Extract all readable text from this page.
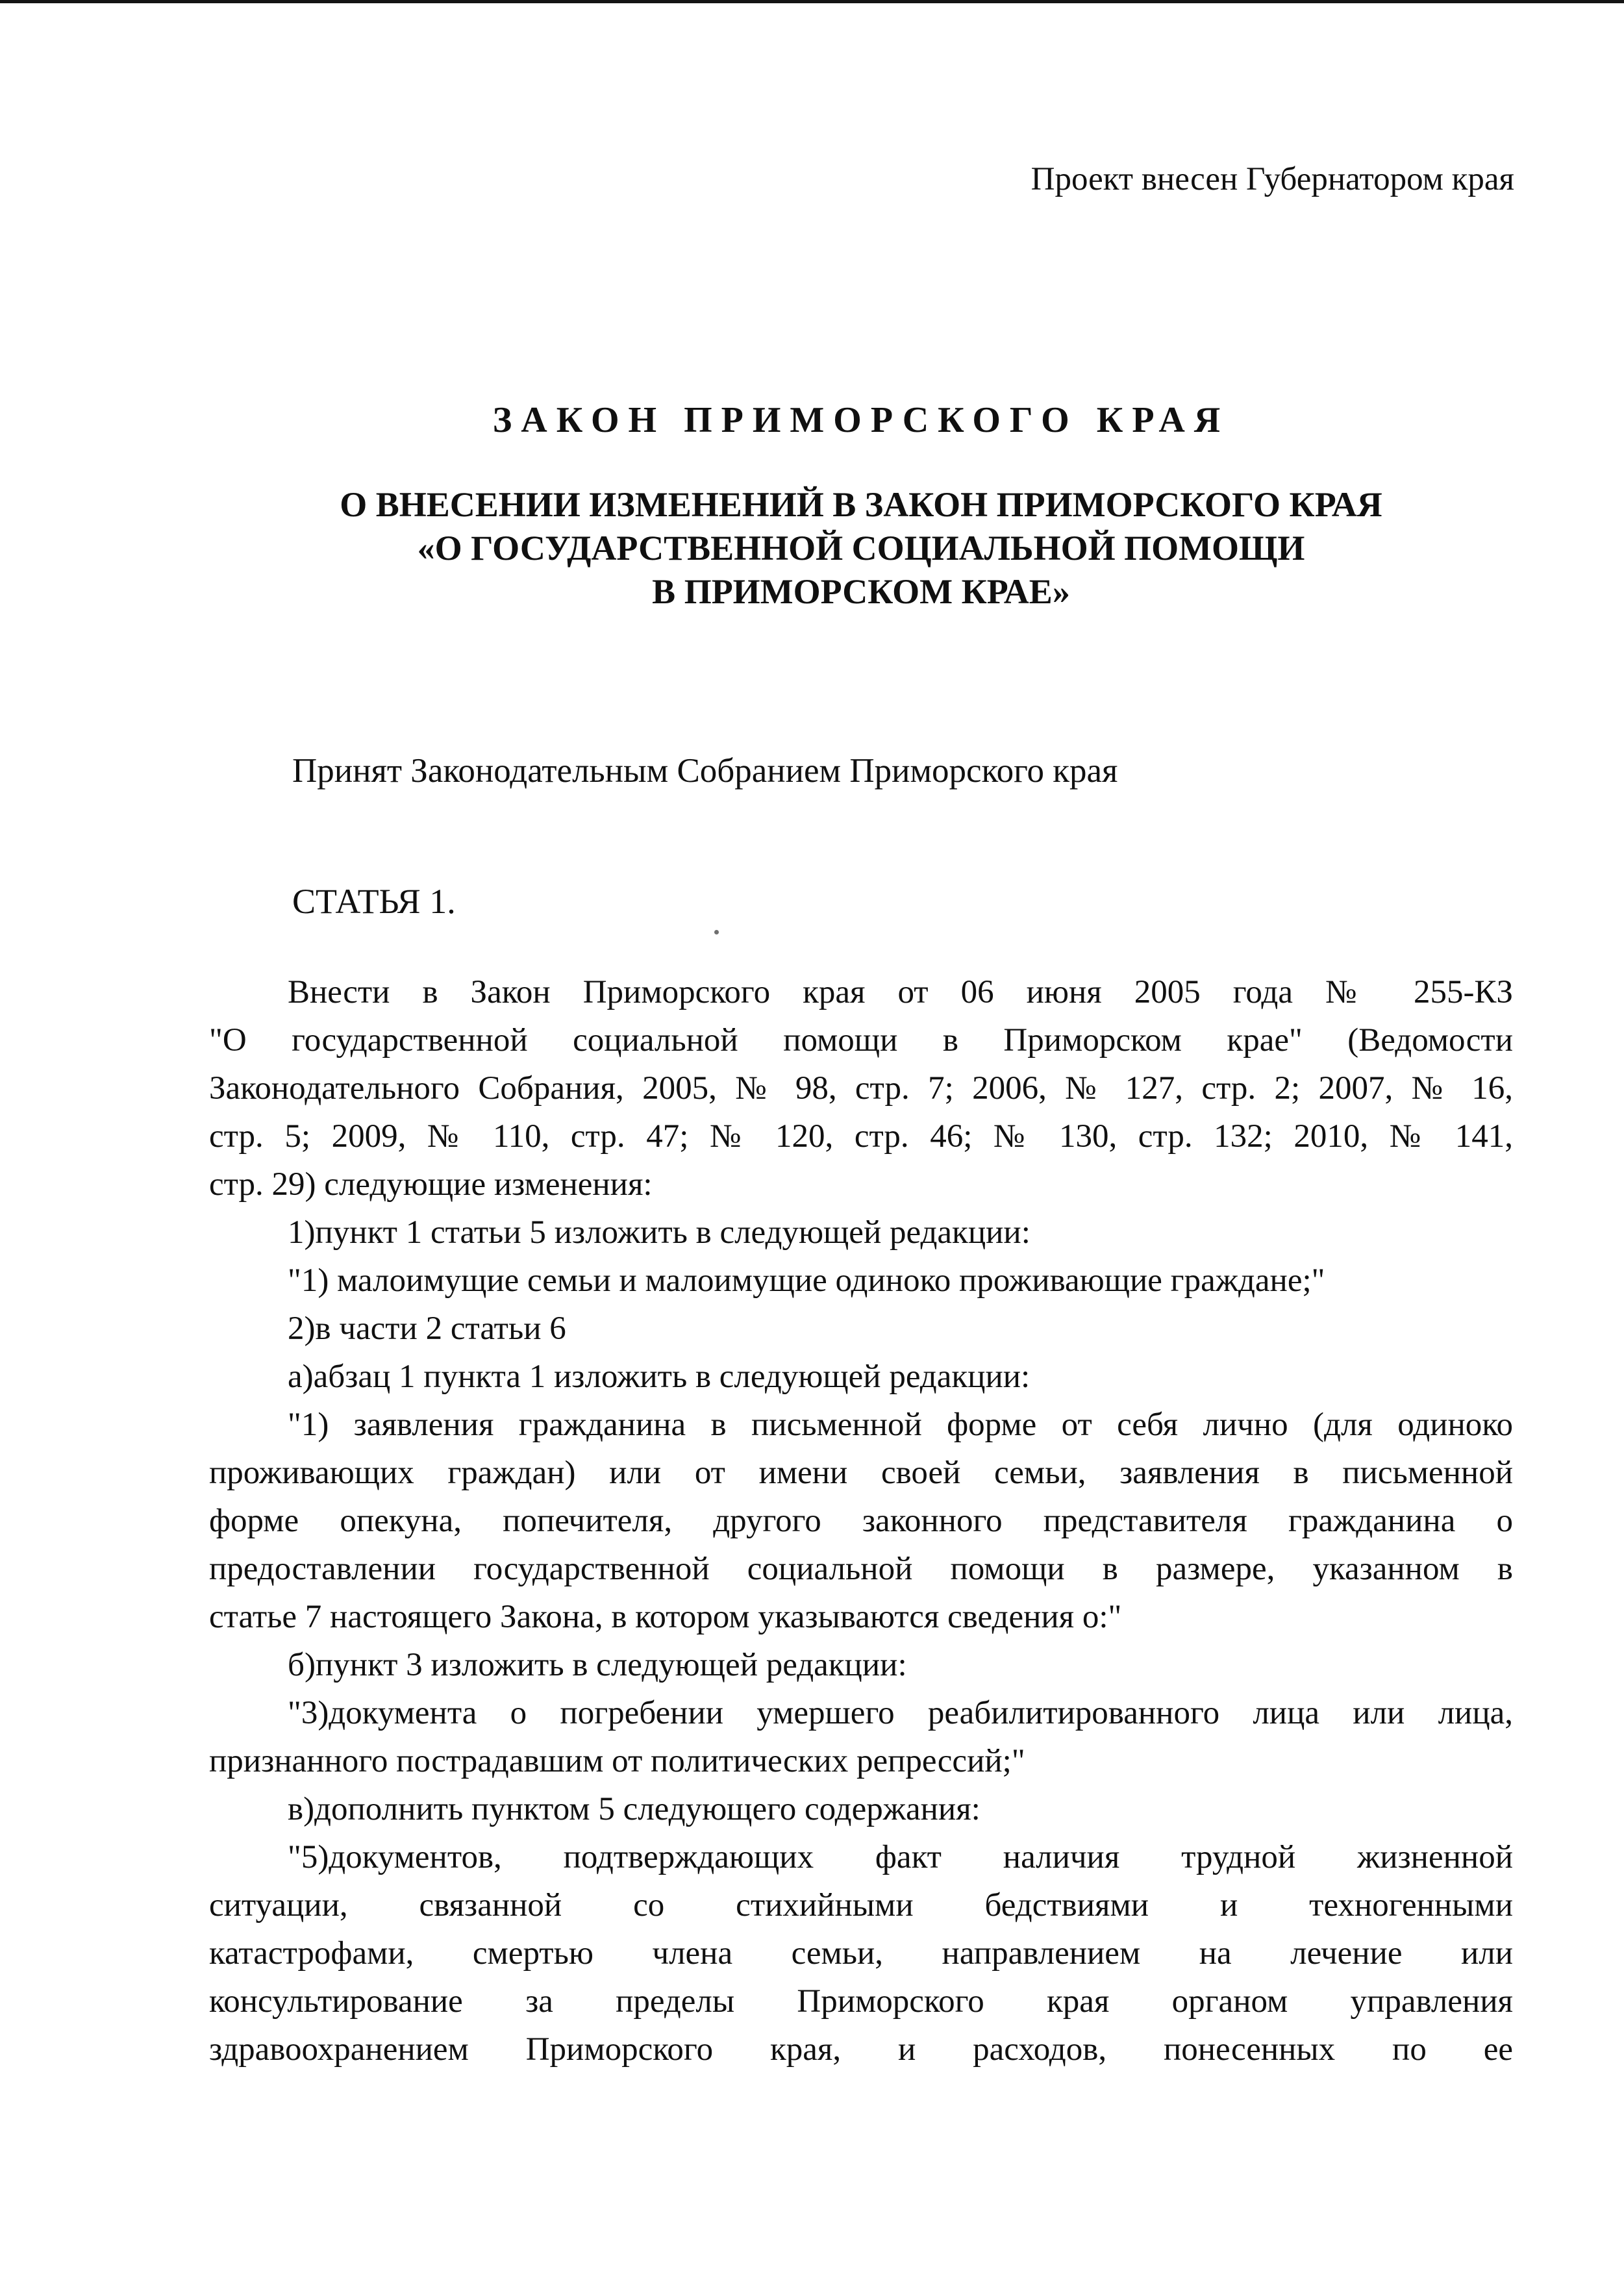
Проект внесен Губернатором края
ЗАКОН ПРИМОРСКОГО КРАЯ
О ВНЕСЕНИИ ИЗМЕНЕНИЙ В ЗАКОН ПРИМОРСКОГО КРАЯ
«О ГОСУДАРСТВЕННОЙ СОЦИАЛЬНОЙ ПОМОЩИ
В ПРИМОРСКОМ КРАЕ»
Принят Законодательным Собранием Приморского края
СТАТЬЯ 1.
Внести в Закон Приморского края от 06 июня 2005 года № 255-КЗ
"О государственной социальной помощи в Приморском крае" (Ведомости
Законодательного Собрания, 2005, № 98, стр. 7; 2006, № 127, стр. 2; 2007, № 16,
стр. 5; 2009, № 110, стр. 47; № 120, стр. 46; № 130, стр. 132; 2010, № 141,
стр. 29) следующие изменения:
1)пункт 1 статьи 5 изложить в следующей редакции:
"1) малоимущие семьи и малоимущие одиноко проживающие граждане;"
2)в части 2 статьи 6
а)абзац 1 пункта 1 изложить в следующей редакции:
"1) заявления гражданина в письменной форме от себя лично (для одиноко
проживающих граждан) или от имени своей семьи, заявления в письменной
форме опекуна, попечителя, другого законного представителя гражданина о
предоставлении государственной социальной помощи в размере, указанном в
статье 7 настоящего Закона, в котором указываются сведения о:"
б)пункт 3 изложить в следующей редакции:
"3)документа о погребении умершего реабилитированного лица или лица,
признанного пострадавшим от политических репрессий;"
в)дополнить пунктом 5 следующего содержания:
"5)документов, подтверждающих факт наличия трудной жизненной
ситуации, связанной со стихийными бедствиями и техногенными
катастрофами, смертью члена семьи, направлением на лечение или
консультирование за пределы Приморского края органом управления
здравоохранением Приморского края, и расходов, понесенных по ее
